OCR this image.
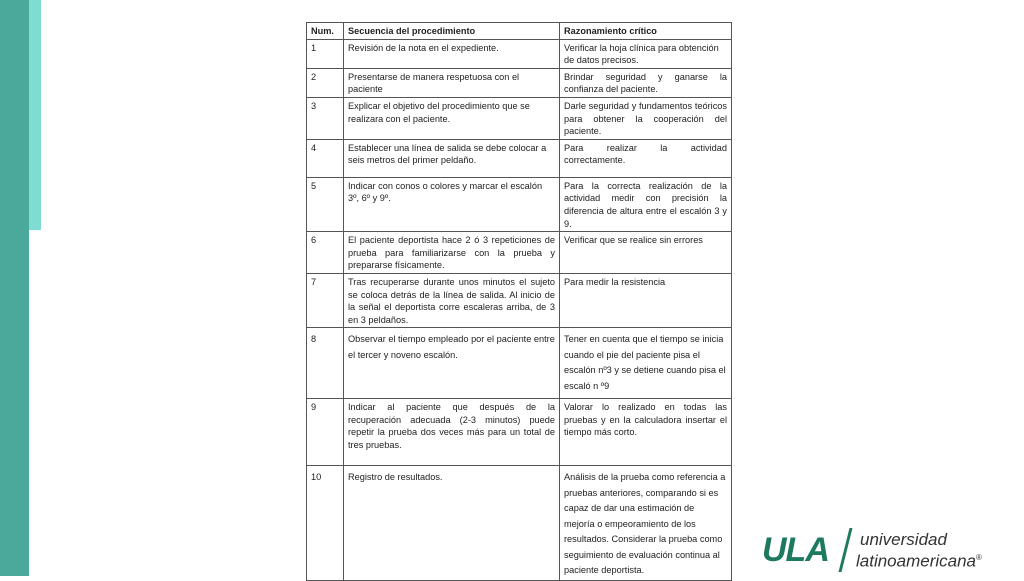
Num.	Secuencia del procedimiento	Razonamiento crítico
1	Revisión de la nota en el expediente.	Verificar la hoja clínica para obtención de datos precisos.
2	Presentarse de manera respetuosa con el paciente	Brindar seguridad y ganarse la confianza del paciente.
3	Explicar el objetivo del procedimiento que se realizara con el paciente.	Darle seguridad y fundamentos teóricos para obtener la cooperación del paciente.
4	Establecer una línea de salida se debe colocar a seis metros del primer peldaño.	Para realizar la actividad correctamente.
5	Indicar con conos o colores y marcar el escalón 3º, 6º y 9º.	Para la correcta realización de la actividad medir con precisión la diferencia de altura entre el escalón 3 y 9.
6	El paciente deportista hace 2 ó 3 repeticiones de prueba para familiarizarse con la prueba y prepararse físicamente.	Verificar que se realice sin errores
7	Tras recuperarse durante unos minutos el sujeto se coloca detrás de la línea de salida. Al inicio de la señal el deportista corre escaleras arriba, de 3 en 3 peldaños.	Para medir la resistencia
8	Observar el tiempo empleado por el paciente entre el tercer y noveno escalón.	Tener en cuenta que el tiempo se inicia cuando el pie del paciente pisa el escalón nº3 y se detiene cuando pisa el escaló n º9
9	Indicar al paciente que después de la recuperación adecuada (2-3 minutos) puede repetir la prueba dos veces más para un total de tres pruebas.	Valorar lo realizado en todas las pruebas y en la calculadora insertar el tiempo más corto.
10	Registro de resultados.	Análisis de la prueba como referencia a pruebas anteriores, comparando si es capaz de dar una estimación de mejoría o empeoramiento de los resultados. Considerar la prueba como seguimiento de evaluación continua al paciente deportista.
ULA universidad
latinoamericana®
